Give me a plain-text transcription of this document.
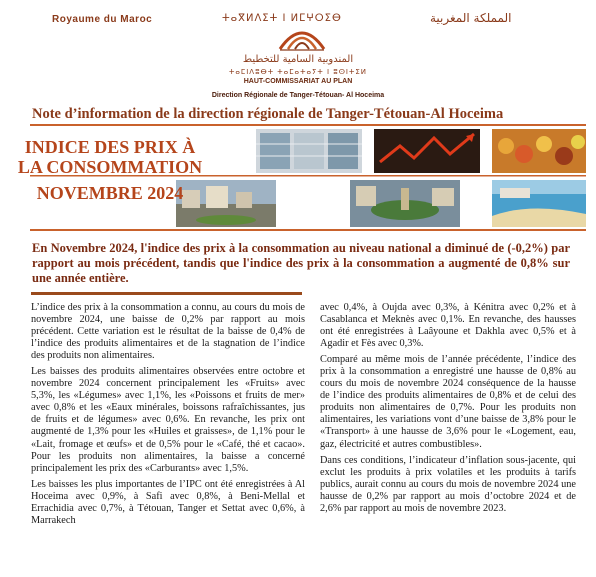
Royaume du Maroc	ⵜⴰⴳⵍⴷⵉⵜ ⵏ ⵍⵎⵖⵔⵉⴱ	المملكة المغربية
المندوبية السامية للتخطيط
ⵜⴰⵎⵏⴷⵓⴱⵜ ⵜⴰⵎⴰⵜⴰⵢⵜ ⵏ ⵓⵙⵏⵜⵉⵍ
HAUT-COMMISSARIAT AU PLAN
Direction Régionale de Tanger-Tétouan- Al Hoceima
Note d’information de la direction régionale de Tanger-Tétouan-Al Hoceima
INDICE DES PRIX À LA CONSOMMATION
NOVEMBRE 2024
En Novembre 2024, l'indice des prix à la consommation au niveau national a diminué de (-0,2%) par rapport au mois précédent, tandis que l'indice des prix à la consommation a augmenté de 0,8% sur une année entière.

L’indice des prix à la consommation a connu, au cours du mois de novembre 2024, une baisse de 0,2% par rapport au mois précédent. Cette variation est le résultat de la baisse de 0,4% de l’indice des produits alimentaires et de la stagnation de l’indice des produits non alimentaires.

Les baisses des produits alimentaires observées entre octobre et novembre 2024 concernent principalement les «Fruits» avec 5,3%, les «Légumes» avec 1,1%, les «Poissons et fruits de mer» avec 0,8% et les «Eaux minérales, boissons rafraîchissantes, jus de fruits et de légumes» avec 0,6%. En revanche, les prix ont augmenté de 1,3% pour les «Huiles et graisses», de 1,1% pour le «Lait, fromage et œufs» et de 0,5% pour le «Café, thé et cacao». Pour les produits non alimentaires, la baisse a concerné principalement les prix des «Carburants» avec 1,5%.

Les baisses les plus importantes de l’IPC ont été enregistrées à Al Hoceima avec 0,9%, à Safi avec 0,8%, à Beni-Mellal et Errachidia avec 0,7%, à Tétouan, Tanger et Settat avec 0,6%, à Marrakech

avec 0,4%, à Oujda avec 0,3%, à Kénitra avec 0,2% et à Casablanca et Meknès avec 0,1%. En revanche, des hausses ont été enregistrées à Laâyoune et Dakhla avec 0,5% et à Agadir et Fès avec 0,3%.

Comparé au même mois de l’année précédente, l’indice des prix à la consommation a enregistré une hausse de 0,8% au cours du mois de novembre 2024 conséquence de la hausse de l’indice des produits alimentaires de 0,8% et de celui des produits non alimentaires de 0,7%. Pour les produits non alimentaires, les variations vont d’une baisse de 3,8% pour le «Transport» à une hausse de 3,6% pour le «Logement, eau, gaz, électricité et autres combustibles».

Dans ces conditions, l’indicateur d’inflation sous-jacente, qui exclut les produits à prix volatiles et les produits à tarifs publics, aurait connu au cours du mois de novembre 2024 une hausse de 0,2% par rapport au mois d’octobre 2024 et de 2,6% par rapport au mois de novembre 2023.
